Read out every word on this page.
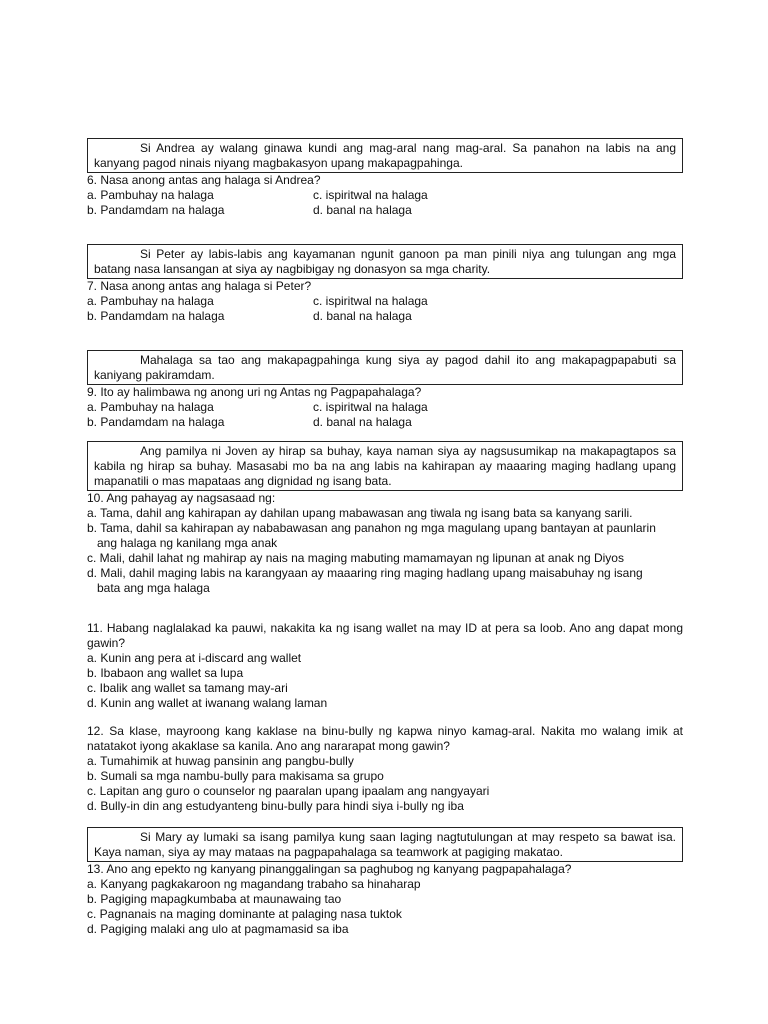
Si Andrea ay walang ginawa kundi ang mag-aral nang mag-aral. Sa panahon na labis na ang kanyang pagod ninais niyang magbakasyon upang makapagpahinga.

6. Nasa anong antas ang halaga si Andrea?
a. Pambuhay na halaga	c. ispiritwal na halaga
b. Pandamdam na halaga	d. banal na halaga

Si Peter ay labis-labis ang kayamanan ngunit ganoon pa man pinili niya ang tulungan ang mga batang nasa lansangan at siya ay nagbibigay ng donasyon sa mga charity.

7. Nasa anong antas ang halaga si Peter?
a. Pambuhay na halaga	c. ispiritwal na halaga
b. Pandamdam na halaga	d. banal na halaga

Mahalaga sa tao ang makapagpahinga kung siya ay pagod dahil ito ang makapagpapabuti sa kaniyang pakiramdam.

9. Ito ay halimbawa ng anong uri ng Antas ng Pagpapahalaga?
a. Pambuhay na halaga	c. ispiritwal na halaga
b. Pandamdam na halaga	d. banal na halaga

Ang pamilya ni Joven ay hirap sa buhay, kaya naman siya ay nagsusumikap na makapagtapos sa kabila ng hirap sa buhay. Masasabi mo ba na ang labis na kahirapan ay maaaring maging hadlang upang mapanatili o mas mapataas ang dignidad ng isang bata.

10. Ang pahayag ay nagsasaad ng:
a. Tama, dahil ang kahirapan ay dahilan upang mabawasan ang tiwala ng isang bata sa kanyang sarili.
b. Tama, dahil sa kahirapan ay nababawasan ang panahon ng mga magulang upang bantayan at paunlarin
ang halaga ng kanilang mga anak
c. Mali, dahil lahat ng mahirap ay nais na maging mabuting mamamayan ng lipunan at anak ng Diyos
d. Mali, dahil maging labis na karangyaan ay maaaring ring maging hadlang upang maisabuhay ng isang
bata ang mga halaga
11. Habang naglalakad ka pauwi, nakakita ka ng isang wallet na may ID at pera sa loob. Ano ang dapat mong gawin?
a. Kunin ang pera at i-discard ang wallet
b. Ibabaon ang wallet sa lupa
c. Ibalik ang wallet sa tamang may-ari
d. Kunin ang wallet at iwanang walang laman
12. Sa klase, mayroong kang kaklase na binu-bully ng kapwa ninyo kamag-aral. Nakita mo walang imik at natatakot iyong akaklase sa kanila. Ano ang nararapat mong gawin?
a. Tumahimik at huwag pansinin ang pangbu-bully
b. Sumali sa mga nambu-bully para makisama sa grupo
c. Lapitan ang guro o counselor ng paaralan upang ipaalam ang nangyayari
d. Bully-in din ang estudyanteng binu-bully para hindi siya i-bully ng iba

Si Mary ay lumaki sa isang pamilya kung saan laging nagtutulungan at may respeto sa bawat isa. Kaya naman, siya ay may mataas na pagpapahalaga sa teamwork at pagiging makatao.

13. Ano ang epekto ng kanyang pinanggalingan sa paghubog ng kanyang pagpapahalaga?
a. Kanyang pagkakaroon ng magandang trabaho sa hinaharap
b. Pagiging mapagkumbaba at maunawaing tao
c. Pagnanais na maging dominante at palaging nasa tuktok
d. Pagiging malaki ang ulo at pagmamasid sa iba
